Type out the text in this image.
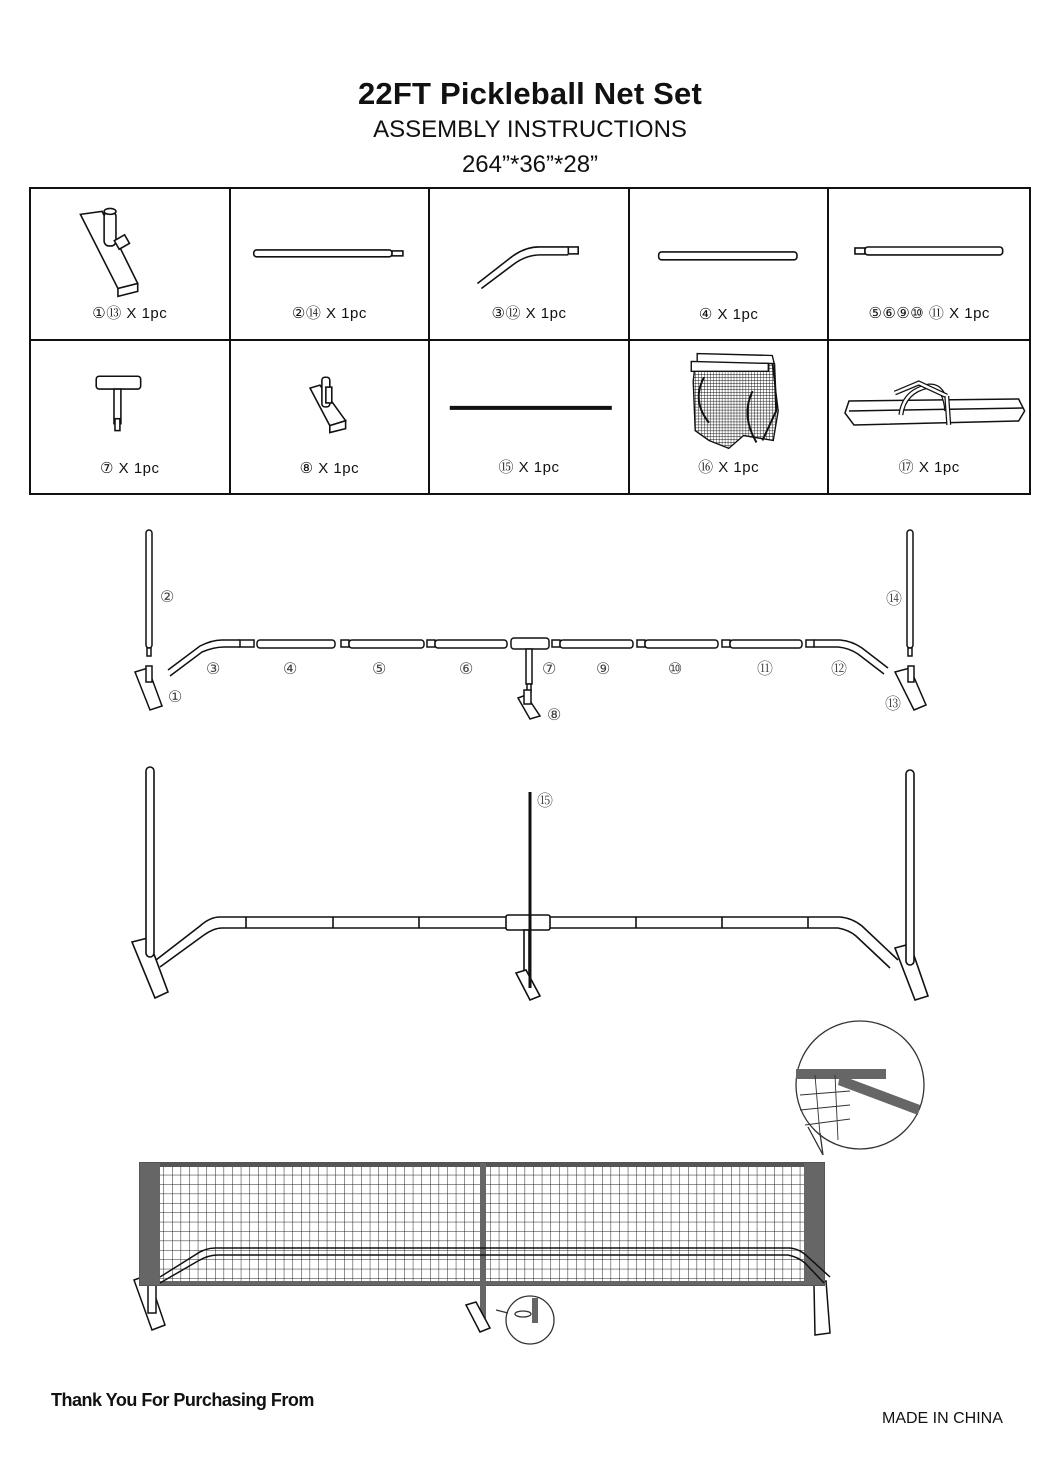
22FT Pickleball Net Set
ASSEMBLY INSTRUCTIONS
264”*36”*28”
①⑬ X 1pc	②⑭ X 1pc	③⑫ X 1pc	④ X 1pc	⑤⑥⑨⑩ ⑪ X 1pc
⑦ X 1pc	⑧ X 1pc	⑮ X 1pc	⑯ X 1pc	⑰ X 1pc
②
①
③	④	⑤	⑥	⑦
⑧
⑨	⑩	⑪	⑫
⑭
⑬
⑮
Thank You For Purchasing From
MADE IN CHINA
